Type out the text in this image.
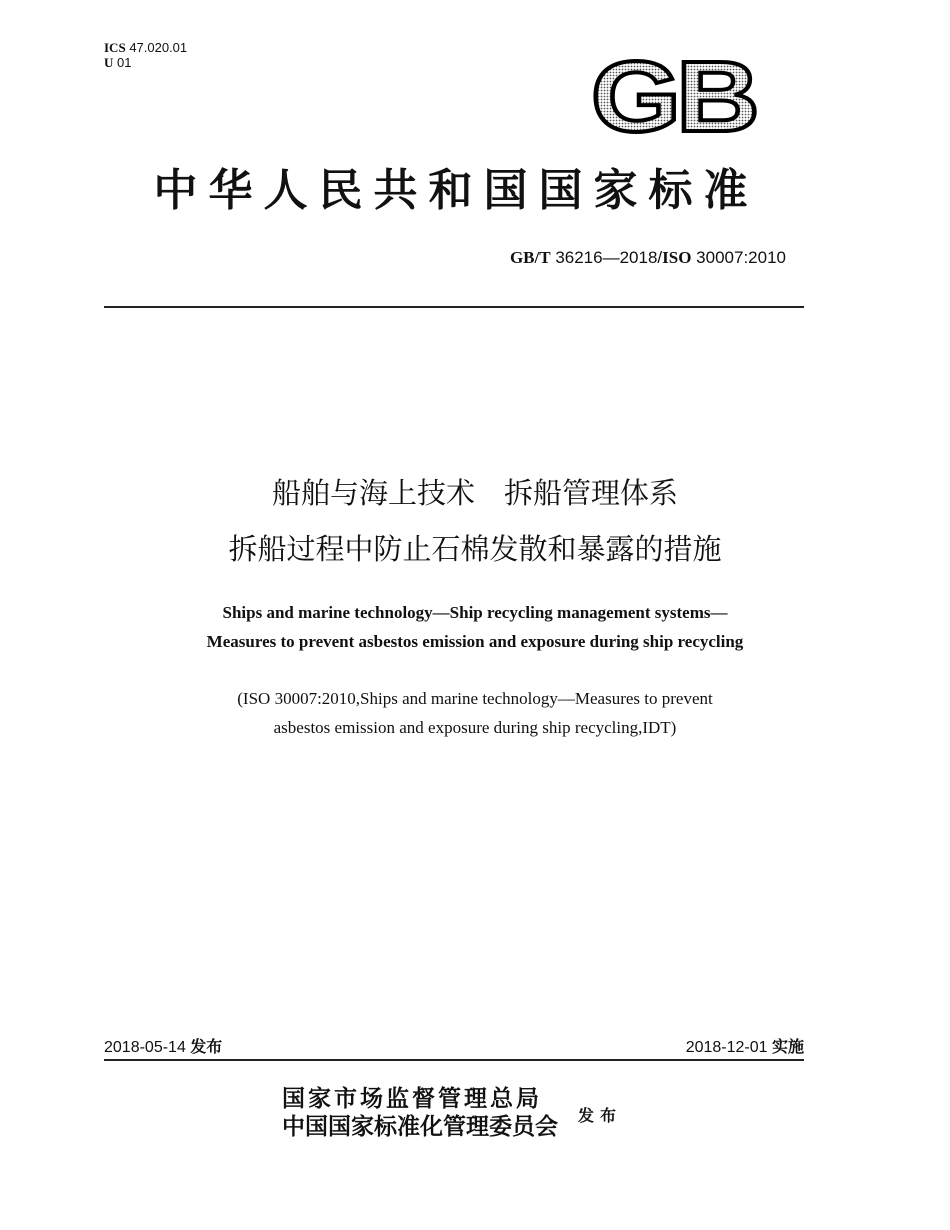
ICS 47.020.01
U 01	GB
中华人民共和国国家标准
GB/T 36216—2018/ISO 30007:2010
船舶与海上技术　拆船管理体系
拆船过程中防止石棉发散和暴露的措施
Ships and marine technology—Ship recycling management systems—
Measures to prevent asbestos emission and exposure during ship recycling
(ISO 30007:2010,Ships and marine technology—Measures to prevent
asbestos emission and exposure during ship recycling,IDT)
2018-05-14 发布	2018-12-01 实施
国家市场监督管理总局
中国国家标准化管理委员会 发布
